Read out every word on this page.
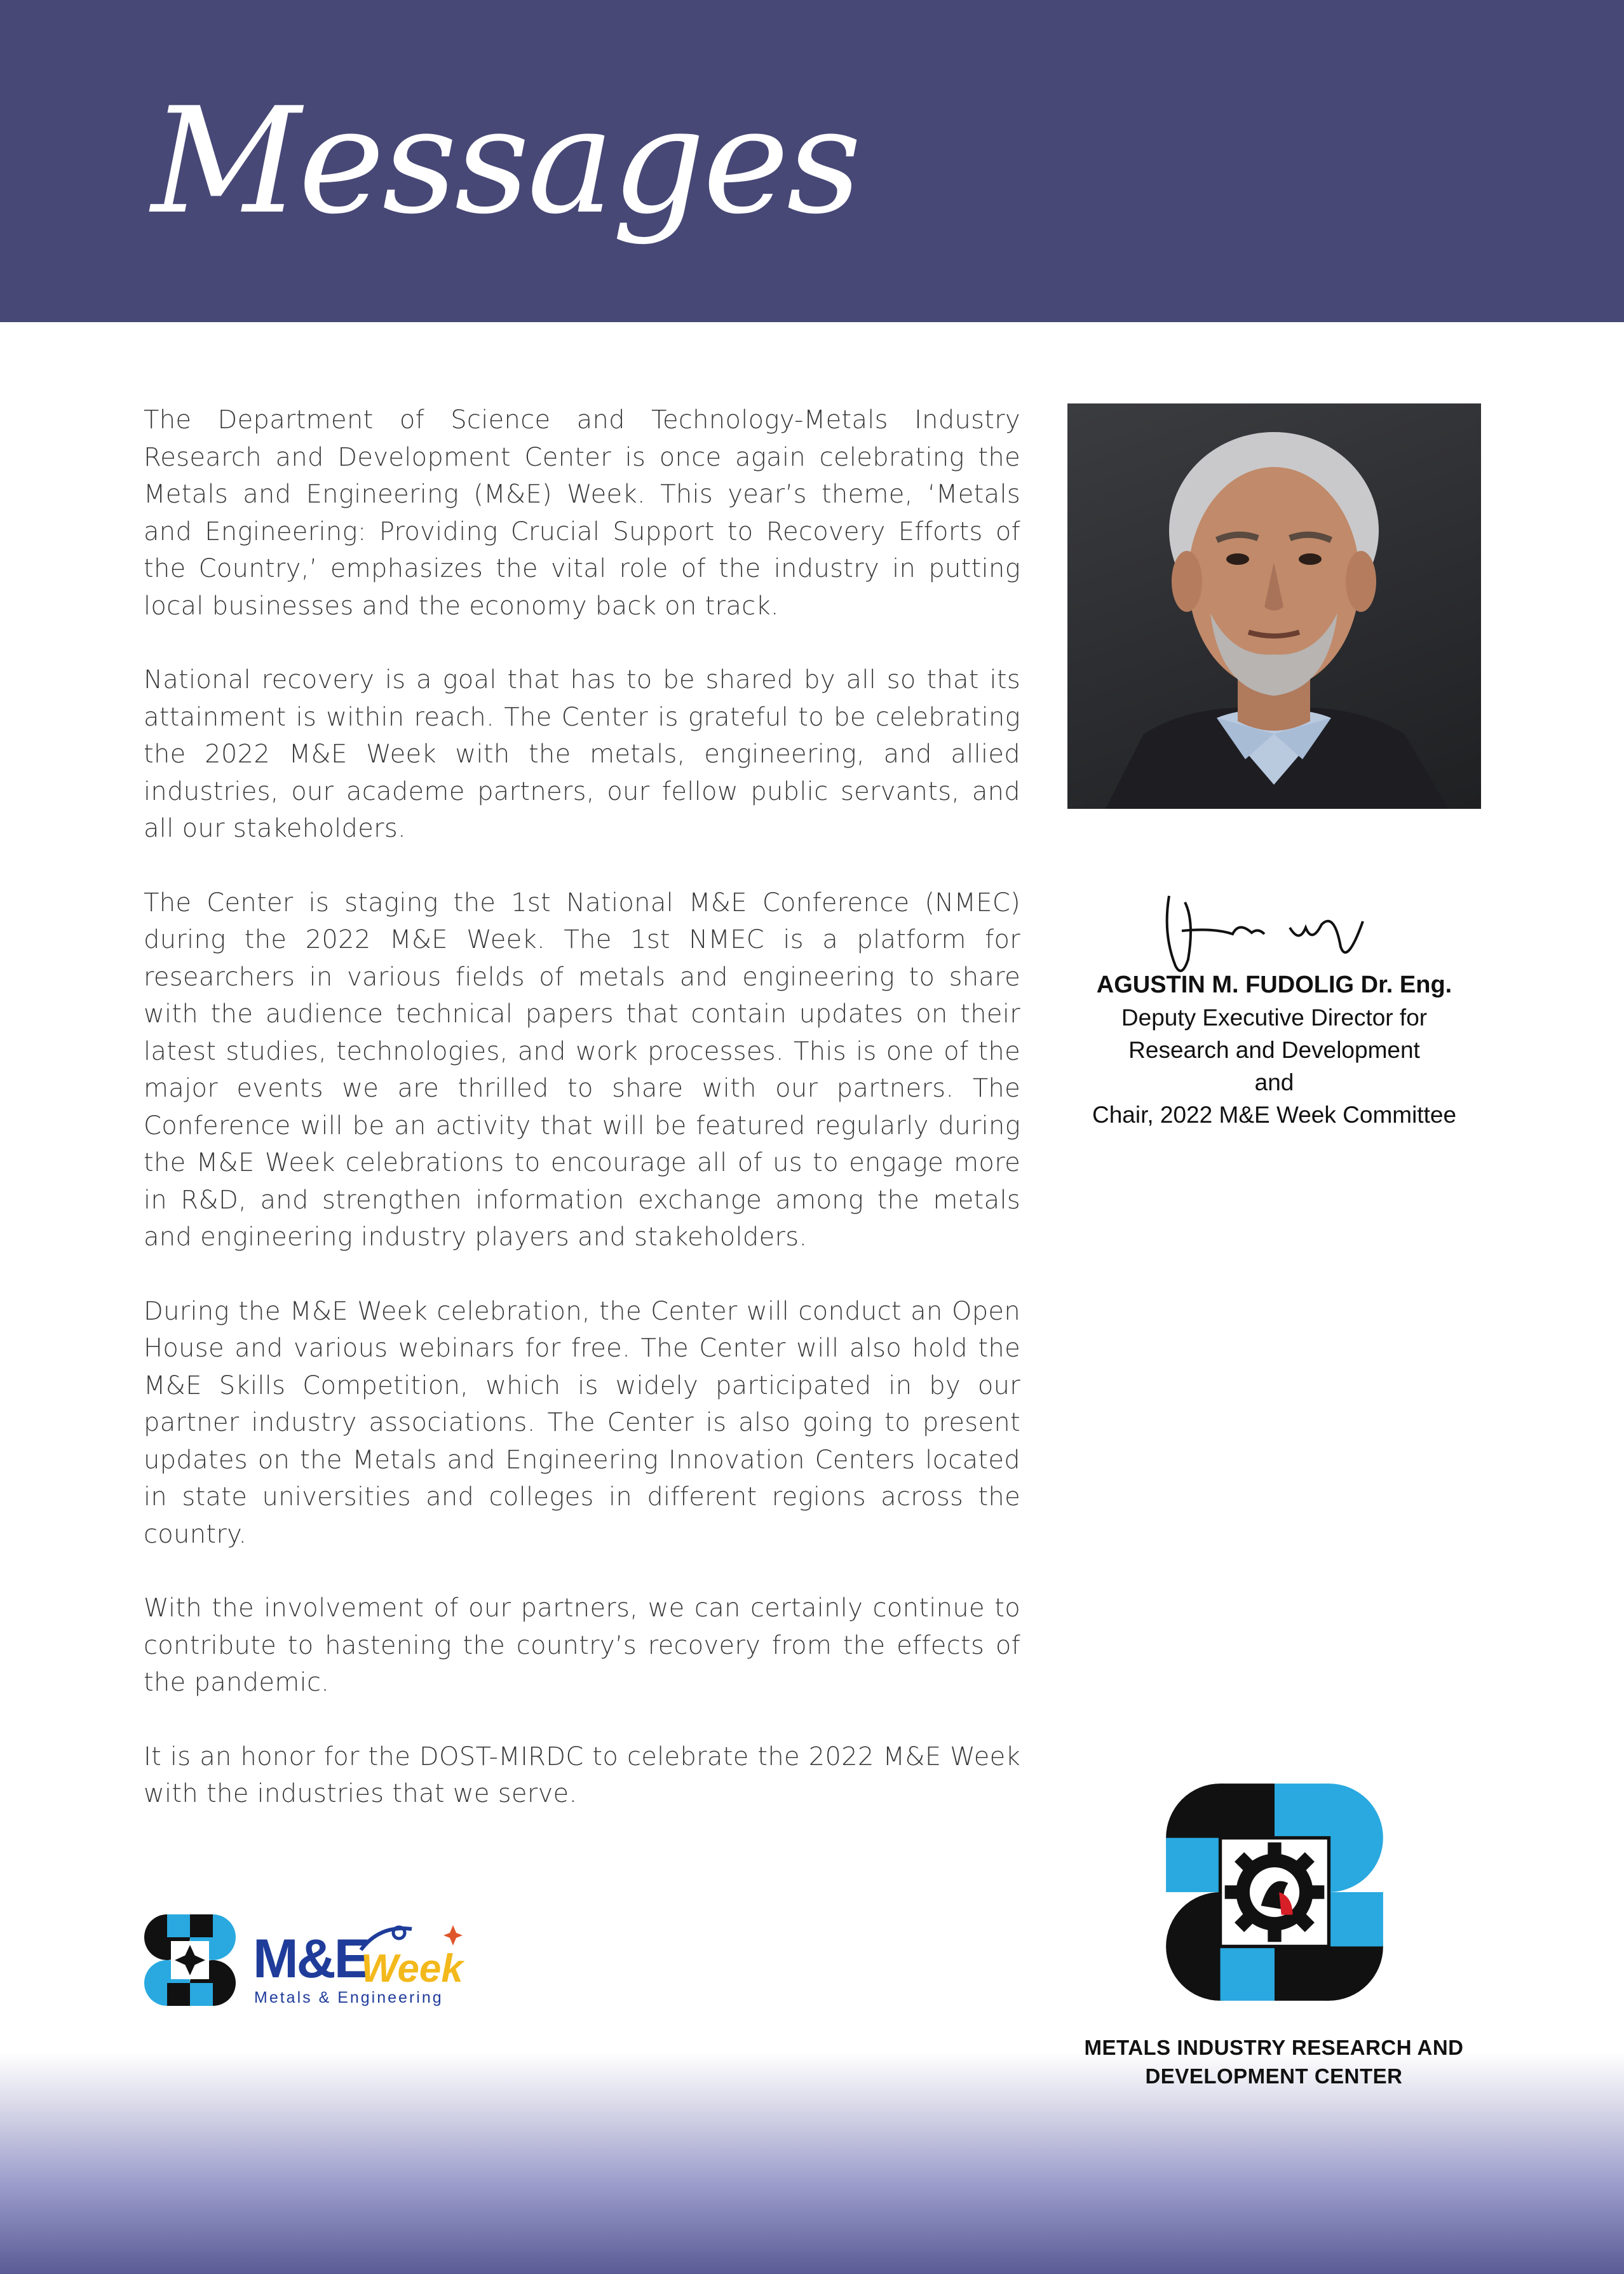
Messages

The Department of Science and Technology-Metals Industry Research and Development Center is once again celebrating the Metals and Engineering (M&E) Week. This year’s theme, ‘Metals and Engineering: Providing Crucial Support to Recovery Efforts of the Country,’ emphasizes the vital role of the industry in putting local businesses and the economy back on track.

National recovery is a goal that has to be shared by all so that its attainment is within reach. The Center is grateful to be celebrating the 2022 M&E Week with the metals, engineering, and allied industries, our academe partners, our fellow public servants, and all our stakeholders.

The Center is staging the 1st National M&E Conference (NMEC) during the 2022 M&E Week. The 1st NMEC is a platform for researchers in various fields of metals and engineering to share with the audience technical papers that contain updates on their latest studies, technologies, and work processes. This is one of the major events we are thrilled to share with our partners. The Conference will be an activity that will be featured regularly during the M&E Week celebrations to encourage all of us to engage more in R&D, and strengthen information exchange among the metals and engineering industry players and stakeholders.

During the M&E Week celebration, the Center will conduct an Open House and various webinars for free. The Center will also hold the M&E Skills Competition, which is widely participated in by our partner industry associations. The Center is also going to present updates on the Metals and Engineering Innovation Centers located in state universities and colleges in different regions across the country.

With the involvement of our partners, we can certainly continue to contribute to hastening the country’s recovery from the effects of the pandemic.

It is an honor for the DOST-MIRDC to celebrate the 2022 M&E Week with the industries that we serve.

AGUSTIN M. FUDOLIG Dr. Eng.
Deputy Executive Director for
Research and Development
and
Chair, 2022 M&E Week Committee
M&E
Week
Metals & Engineering
METALS INDUSTRY RESEARCH AND
DEVELOPMENT CENTER
